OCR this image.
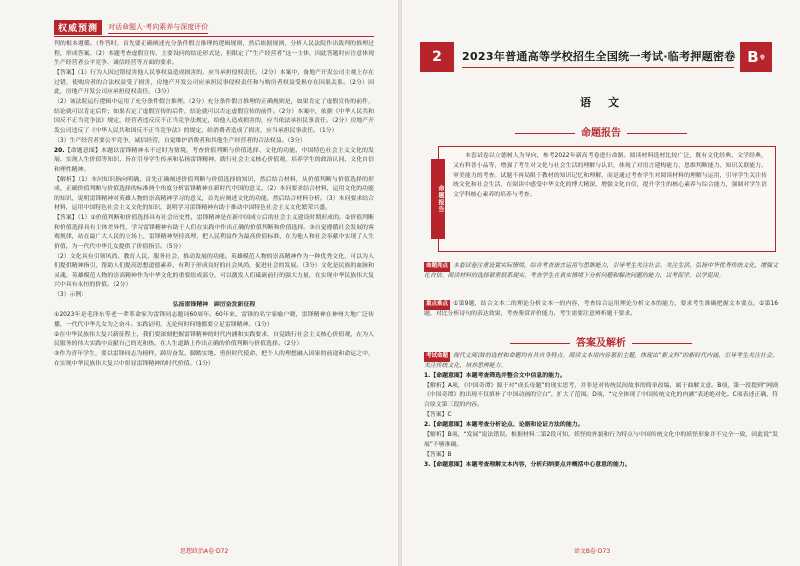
权威预测	对话命题人·考向素养与深度评价

判的根本遵循。（作答时，首先要正确阐述充分条件假言推理的逻辑规则，然后依据规则，分析人民法院作出裁判的推理过程，形成答案。（2）本题考查虚假宣传，主要设问的结论形式是，但限定了“生产经营者”这一主体，因此答题时应注意体现生产经营者公平竞争、诚信经营等方面的要求。

【答案】（1）行为人因过错侵害他人民事权益造成损害的，应当承担侵权责任。（2分）本案中，备地产开发公司主观上存在过错，使购房者的合法权益受了损害，房地产开发公司应承担民事侵权责任和与购房者权益受损存在因果关系。（2分）因此，房地产开发公司应承担侵权责任。（3分）

（2）该法院运行逻辑中运用了充分条件假言推理。（2分）充分条件假言推理的正确规则是，如果肯定了虚假宣传的前件，结论就可以肯定后件；如果否定了虚假宣传的后件，结论就可以否定虚假宣传的前件。（2分）本案中，依据《中华人民共和国反不正当竞争法》规定，经营者违反反不正当竞争法规定，给他人造成损害的，应当依法承担民事责任。（2分）房地产开发公司违反了《中华人民共和国反不正当竞争法》的规定，给消费者造成了损害，应当承担民事责任。（1分）

（3）生产经营者要公平竞争，诚信经营，自觉维护消费者和其他生产经营者的合法权益。（3分）

20.【命题意图】本题以雷锋精神永不过时为情境，考查价值判断与价值选择、文化的功能、中国特色社会主义文化的发展、实现人生价值等知识，旨在引导学生传承和弘扬雷锋精神，践行社会主义核心价值观，培养学生的政治认同、文化自信和理性精神。

【解析】（1）本问知识指向明确，首先正确阐述价值判断与价值选择的知识，然后结合材料，从价值判断与价值选择的形成、正确价值判断与价值选择的标准两个角度分析雷锋精神在新时代中国的意义。（2）本问要求结合材料，运用文化的功能的知识，说明雷锋精神对英雄人物的崇高精神学习的意义，首先应阐述文化的功能，然后结合材料分析。（3）本问要求结合材料，运用中国特色社会主义文化的知识，说明学习雷锋精神有助于推动中国特色社会主义文化繁荣兴盛。

【答案】（1）①价值判断和价值选择具有社会历史性，雷锋精神是在新中国成立后的社会主义建设时期形成的。②价值判断和价值选择具有主体差异性，学习雷锋精神有助于人们在实践中作出正确的价值判断和价值选择。③自觉遵循社会发展的客观规律，站在最广大人民的立场上，雷锋精神坚持真理，把人民利益作为最高价值标准，在为他人和社会奉献中实现了人生价值，为一代代中华儿女提供了价值指引。（5分）

（2）文化具有引领风尚、教育人民、服务社会、推动发展的功能。英雄模范人物的崇高精神作为一种优秀文化，可以为人们提供精神指引，帮助人们提高思想道德素养，有利于形成良好的社会风尚，促进社会的发展。（3分）文化是民族的血脉和灵魂，英雄模范人物的崇高精神作为中华文化的重要组成部分，可以激发人们砥砺前行的强大力量，在实现中华民族伟大复兴中具有永恒的价值。（2分）

（3）示例：

弘扬雷锋精神　踔厉奋发新征程

①2023年是毛泽东等老一辈革命家为雷锋同志题词60周年。60年来，雷锋的名字家喻户晓，雷锋精神在神州大地广泛传播，一代代中华儿女为之奋斗。实践证明，无论何时何地都要立足雷锋精神。（1分）

②在中华民族伟大复兴新征程上，我们要深刻把握雷锋精神的时代内涵和实践要求，自觉践行社会主义核心价值观，在为人民服务的伟大实践中贡献自己的光和热，在人生道路上作出正确的价值判断与价值选择。（2分）

③作为青年学生，要以雷锋同志为榜样，踔厉奋发、脚踏实地、勇担时代使命，把个人的理想融入国家的前途和命运之中，在实现中华民族伟大复兴中彰显雷锋精神的时代价值。（1分）

思想政治A卷·D72
2	2023年普通高等学校招生全国统一考试·临考押题密卷 B 卷
语　文
命题报告
命题报告
本套试卷以立德树人为导向，参考2022年新高考卷进行命制。阅读材料选材比较广泛，既有文化经典、文学经典，又有科普小品等，增强了考生对文化与社会生活的理解与认识，体现了对语言建构能力、思维判断能力、知识关联能力、审美能力的考查。试题不再局限于教材的知识记忆和理解，而是通过考查学生对阅读材料的理解与运用，引导学生关注传统文化和社会生活，在阅读中感受中华文化的博大精深，增强文化自信，提升学生的核心素养与综合能力，强调对学生语文学科核心素养的培养与考查。

命题亮点 本套试卷注重设置实际情境，综合考查语言运用与思维能力，引导考生关注社会、关注生活，弘扬中华优秀传统文化，增强文化自信。阅读材料的选择紧密联系现实，考查学生在真实情境下分析问题和解决问题的能力，以考促学，以学促用。

重点难点 ①第9题，结合文本二的理论分析文本一的内容，考查综合运用理论分析文本的能力，要求考生准确把握文本要点。②第16题，对比分析诗句的表达效果，考查鉴赏评价能力，考生需要注意辨析题干要求。

答案及解析

考试命题 现代文阅读Ⅰ的选材和命题均有其自身特点。阅读文本用内容紧扣主题，体现出“新文科”的新时代内涵，引导考生关注社会，关注传统文化，培养思辨能力。

1.【命题意图】本题考查筛选并整合文中信息的能力。

【解析】A项，《中国奇谭》源于对“成长母题”的现实思考，并非是对传统民间故事的简单改编，属于曲解文意。B项，第一段提到“网剧《中国奇谭》的出现不仅填补了中国动画的空白”，扩大了范围。D项，“完全体现了中国传统文化的内涵”表述绝对化。C项表述正确，符合原文第三段的内容。

【答案】C

2.【命题意图】本题考查分析论点、论据和论证方法的能力。

【解析】B项，“发展”说法错误。根据材料二第2段可知，妖怪的外貌和行为特点与中国传统文化中的妖怪形象并不完全一致，因此说“发展”不够准确。

【答案】B

3.【命题意图】本题考查理解文本内容，分析归纳要点并概括中心意思的能力。

语文B卷·D73
